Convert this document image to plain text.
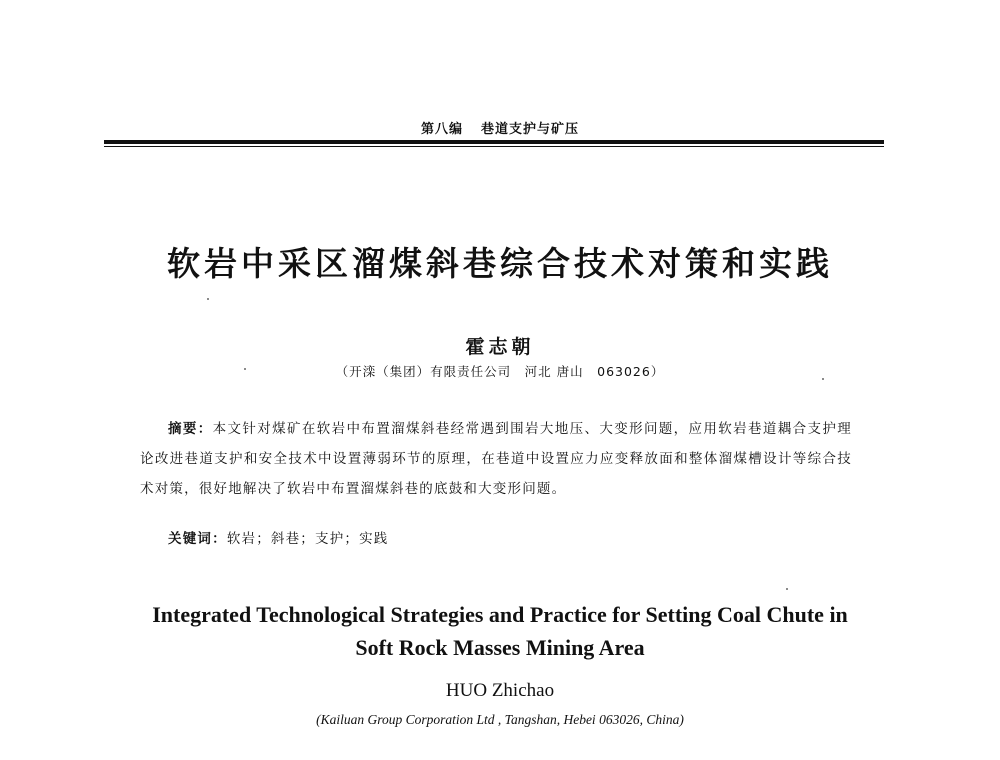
第八编 巷道支护与矿压
软岩中采区溜煤斜巷综合技术对策和实践
霍志朝
（开滦（集团）有限责任公司　河北 唐山　063026）

摘要：本文针对煤矿在软岩中布置溜煤斜巷经常遇到围岩大地压、大变形问题，应用软岩巷道耦合支护理论改进巷道支护和安全技术中设置薄弱环节的原理，在巷道中设置应力应变释放面和整体溜煤槽设计等综合技术对策，很好地解决了软岩中布置溜煤斜巷的底鼓和大变形问题。

关键词：软岩；斜巷；支护；实践

Integrated Technological Strategies and Practice for Setting Coal Chute in
Soft Rock Masses Mining Area
HUO Zhichao
(Kailuan Group Corporation Ltd , Tangshan, Hebei 063026, China)
